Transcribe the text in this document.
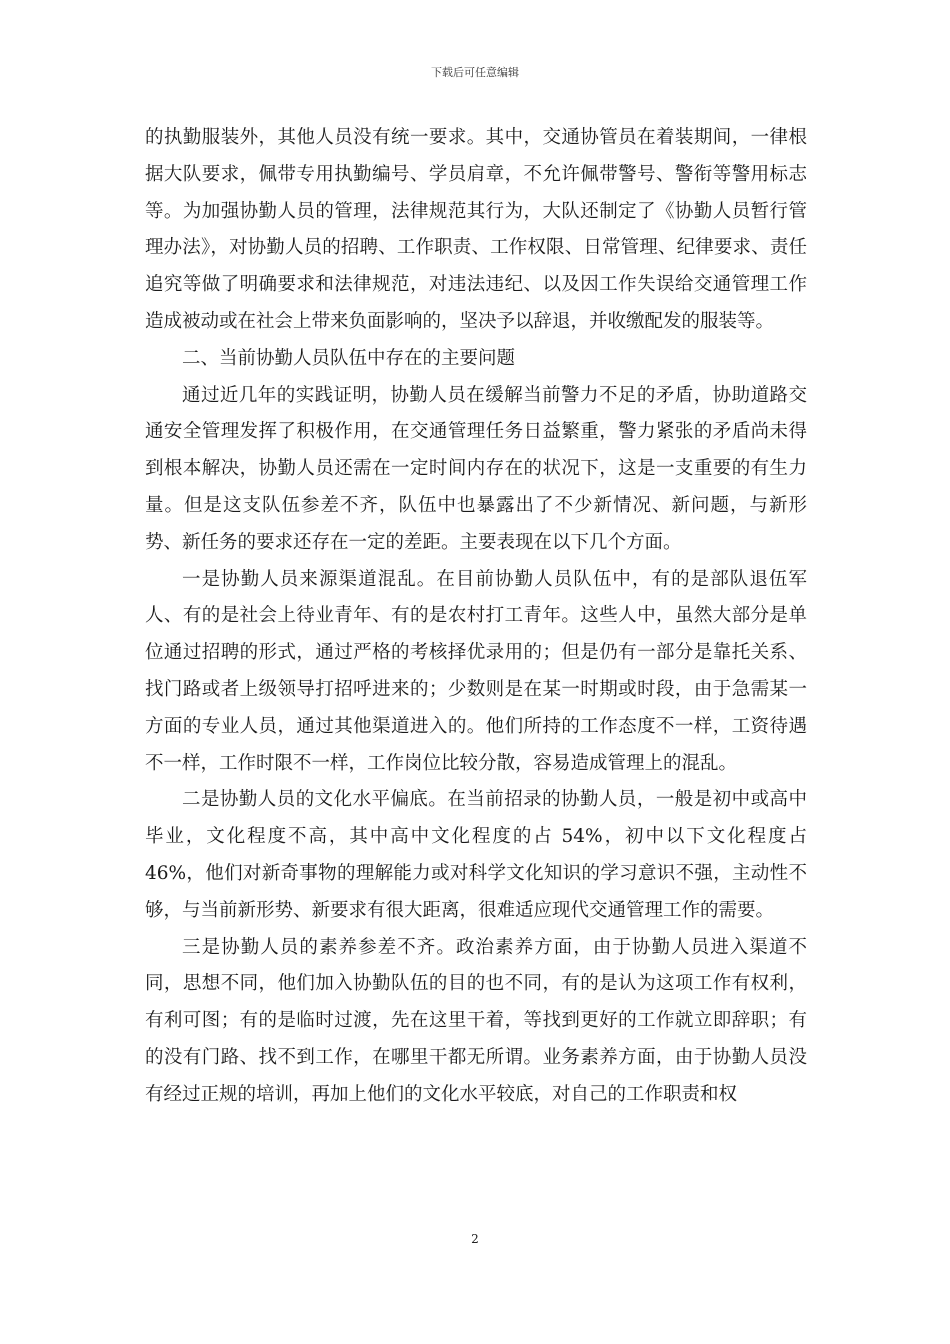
下载后可任意编辑

的执勤服装外，其他人员没有统一要求。其中，交通协管员在着装期间，一律根据大队要求，佩带专用执勤编号、学员肩章，不允许佩带警号、警衔等警用标志等。为加强协勤人员的管理，法律规范其行为，大队还制定了《协勤人员暂行管理办法》，对协勤人员的招聘、工作职责、工作权限、日常管理、纪律要求、责任追究等做了明确要求和法律规范，对违法违纪、以及因工作失误给交通管理工作造成被动或在社会上带来负面影响的，坚决予以辞退，并收缴配发的服装等。

二、当前协勤人员队伍中存在的主要问题

通过近几年的实践证明，协勤人员在缓解当前警力不足的矛盾，协助道路交通安全管理发挥了积极作用，在交通管理任务日益繁重，警力紧张的矛盾尚未得到根本解决，协勤人员还需在一定时间内存在的状况下，这是一支重要的有生力量。但是这支队伍参差不齐，队伍中也暴露出了不少新情况、新问题，与新形势、新任务的要求还存在一定的差距。主要表现在以下几个方面。

一是协勤人员来源渠道混乱。在目前协勤人员队伍中，有的是部队退伍军人、有的是社会上待业青年、有的是农村打工青年。这些人中，虽然大部分是单位通过招聘的形式，通过严格的考核择优录用的；但是仍有一部分是靠托关系、找门路或者上级领导打招呼进来的；少数则是在某一时期或时段，由于急需某一方面的专业人员，通过其他渠道进入的。他们所持的工作态度不一样，工资待遇不一样，工作时限不一样，工作岗位比较分散，容易造成管理上的混乱。

二是协勤人员的文化水平偏底。在当前招录的协勤人员，一般是初中或高中毕业，文化程度不高，其中高中文化程度的占 54%，初中以下文化程度占 46%，他们对新奇事物的理解能力或对科学文化知识的学习意识不强，主动性不够，与当前新形势、新要求有很大距离，很难适应现代交通管理工作的需要。

三是协勤人员的素养参差不齐。政治素养方面，由于协勤人员进入渠道不同，思想不同，他们加入协勤队伍的目的也不同，有的是认为这项工作有权利，有利可图；有的是临时过渡，先在这里干着，等找到更好的工作就立即辞职；有的没有门路、找不到工作，在哪里干都无所谓。业务素养方面，由于协勤人员没有经过正规的培训，再加上他们的文化水平较底，对自己的工作职责和权

2
